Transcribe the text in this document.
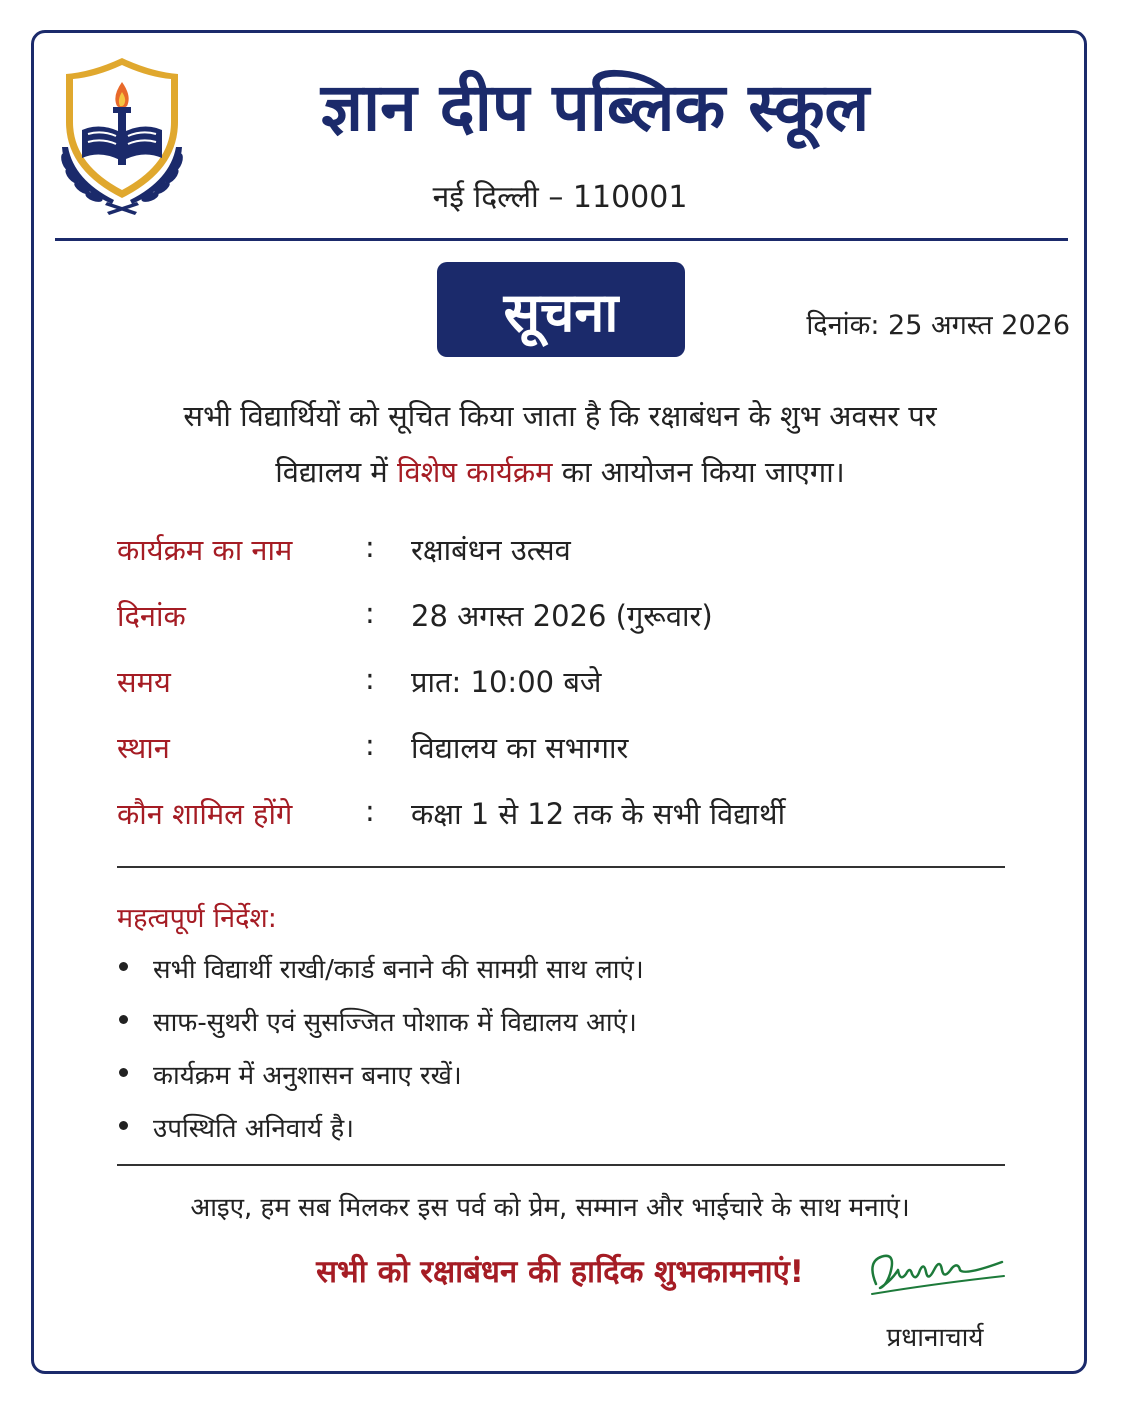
ज्ञान दीप पब्लिक स्कूल
नई दिल्ली – 110001
सूचना	दिनांक: 25 अगस्त 2026
सभी विद्यार्थियों को सूचित किया जाता है कि रक्षाबंधन के शुभ अवसर पर
विद्यालय में विशेष कार्यक्रम का आयोजन किया जाएगा।
कार्यक्रम का नाम	: रक्षाबंधन उत्सव
दिनांक	: 28 अगस्त 2026 (गुरूवार)
समय	: प्रात: 10:00 बजे
स्थान	: विद्यालय का सभागार
कौन शामिल होंगे	: कक्षा 1 से 12 तक के सभी विद्यार्थी
महत्वपूर्ण निर्देश:
सभी विद्यार्थी राखी/कार्ड बनाने की सामग्री साथ लाएं।
साफ-सुथरी एवं सुसज्जित पोशाक में विद्यालय आएं।
कार्यक्रम में अनुशासन बनाए रखें।
उपस्थिति अनिवार्य है।
आइए, हम सब मिलकर इस पर्व को प्रेम, सम्मान और भाईचारे के साथ मनाएं।
सभी को रक्षाबंधन की हार्दिक शुभकामनाएं!
प्रधानाचार्य
